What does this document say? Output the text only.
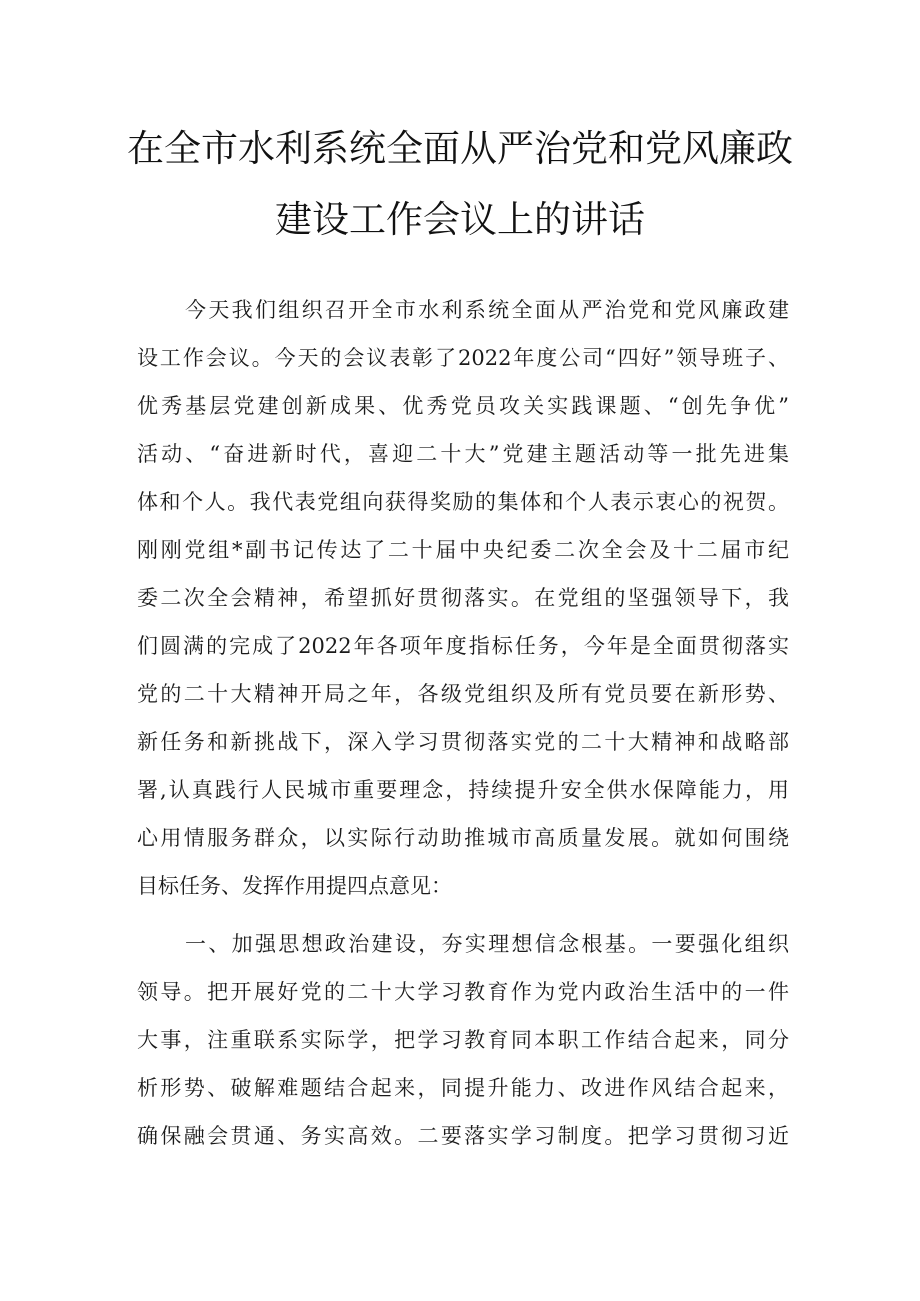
在全市水利系统全面从严治党和党风廉政
建设工作会议上的讲话
今天我们组织召开全市水利系统全面从严治党和党风廉政建
设工作会议。今天的会议表彰了2022年度公司“四好”领导班子、
优秀基层党建创新成果、优秀党员攻关实践课题、“创先争优”
活动、“奋进新时代，喜迎二十大”党建主题活动等一批先进集
体和个人。我代表党组向获得奖励的集体和个人表示衷心的祝贺。
刚刚党组*副书记传达了二十届中央纪委二次全会及十二届市纪
委二次全会精神，希望抓好贯彻落实。在党组的坚强领导下，我
们圆满的完成了2022年各项年度指标任务，今年是全面贯彻落实
党的二十大精神开局之年，各级党组织及所有党员要在新形势、
新任务和新挑战下，深入学习贯彻落实党的二十大精神和战略部
署,认真践行人民城市重要理念，持续提升安全供水保障能力，用
心用情服务群众，以实际行动助推城市高质量发展。就如何围绕
目标任务、发挥作用提四点意见：
一、加强思想政治建设，夯实理想信念根基。一要强化组织
领导。把开展好党的二十大学习教育作为党内政治生活中的一件
大事，注重联系实际学，把学习教育同本职工作结合起来，同分
析形势、破解难题结合起来，同提升能力、改进作风结合起来，
确保融会贯通、务实高效。二要落实学习制度。把学习贯彻习近
